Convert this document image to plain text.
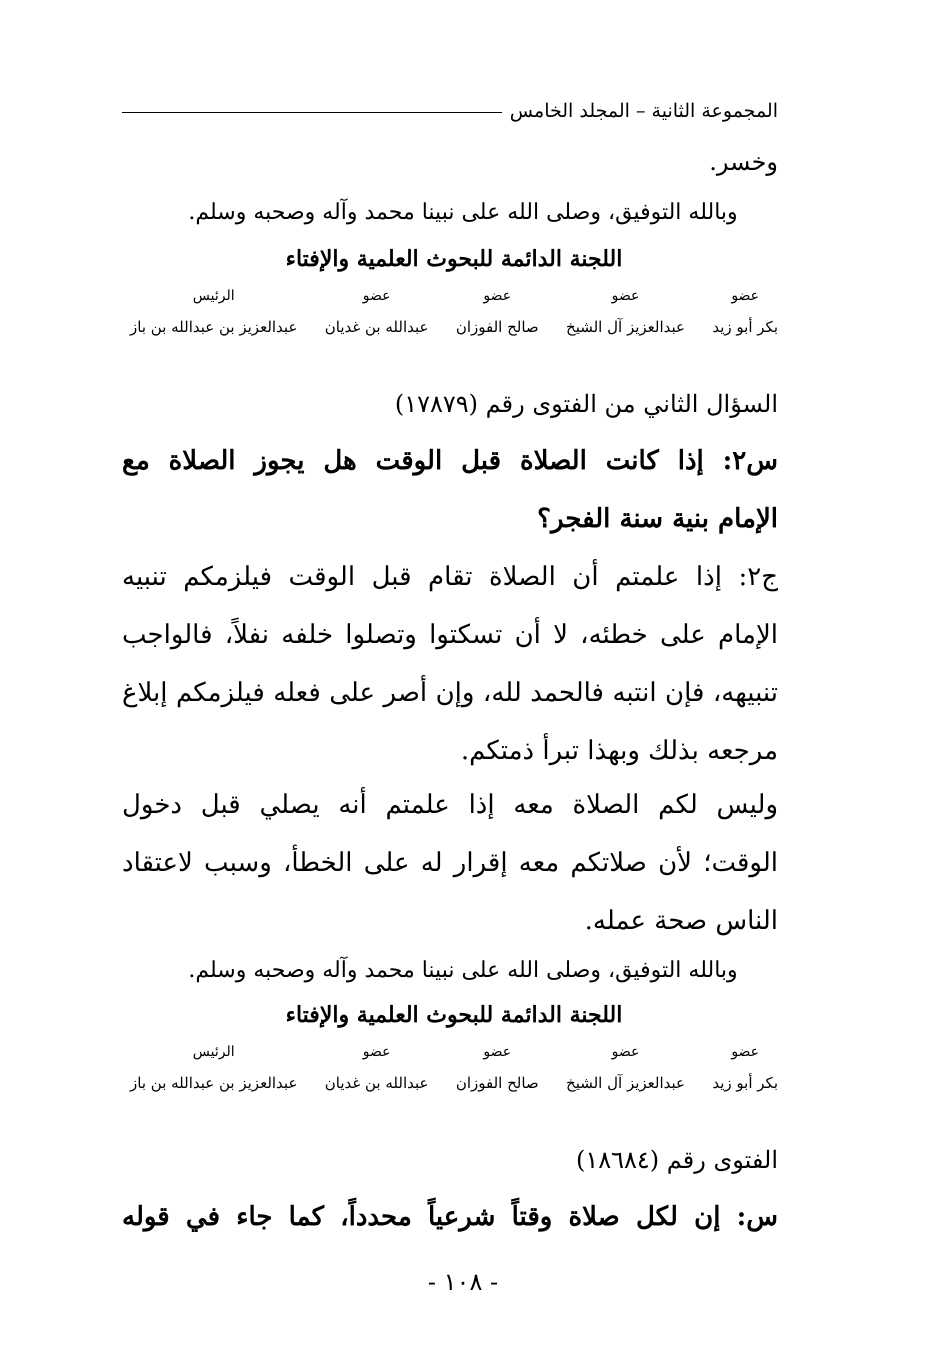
المجموعة الثانية – المجلد الخامس
وخسر.
وبالله التوفيق، وصلى الله على نبينا محمد وآله وصحبه وسلم.
اللجنة الدائمة للبحوث العلمية والإفتاء
عضو
بكر أبو زيد
عضو
عبدالعزيز آل الشيخ
عضو
صالح الفوزان
عضو
عبدالله بن غديان
الرئيس
عبدالعزيز بن عبدالله بن باز
السؤال الثاني من الفتوى رقم (١٧٨٧٩)
س٢: إذا كانت الصلاة قبل الوقت هل يجوز الصلاة مع
الإمام بنية سنة الفجر؟
ج٢: إذا علمتم أن الصلاة تقام قبل الوقت فيلزمكم تنبيه
الإمام على خطئه، لا أن تسكتوا وتصلوا خلفه نفلاً، فالواجب
تنبيهه، فإن انتبه فالحمد لله، وإن أصر على فعله فيلزمكم إبلاغ
مرجعه بذلك وبهذا تبرأ ذمتكم.
وليس لكم الصلاة معه إذا علمتم أنه يصلي قبل دخول
الوقت؛ لأن صلاتكم معه إقرار له على الخطأ، وسبب لاعتقاد
الناس صحة عمله.
وبالله التوفيق، وصلى الله على نبينا محمد وآله وصحبه وسلم.
اللجنة الدائمة للبحوث العلمية والإفتاء
عضو
بكر أبو زيد
عضو
عبدالعزيز آل الشيخ
عضو
صالح الفوزان
عضو
عبدالله بن غديان
الرئيس
عبدالعزيز بن عبدالله بن باز
الفتوى رقم (١٨٦٨٤)
س: إن لكل صلاة وقتاً شرعياً محدداً، كما جاء في قوله
- ١٠٨ -
